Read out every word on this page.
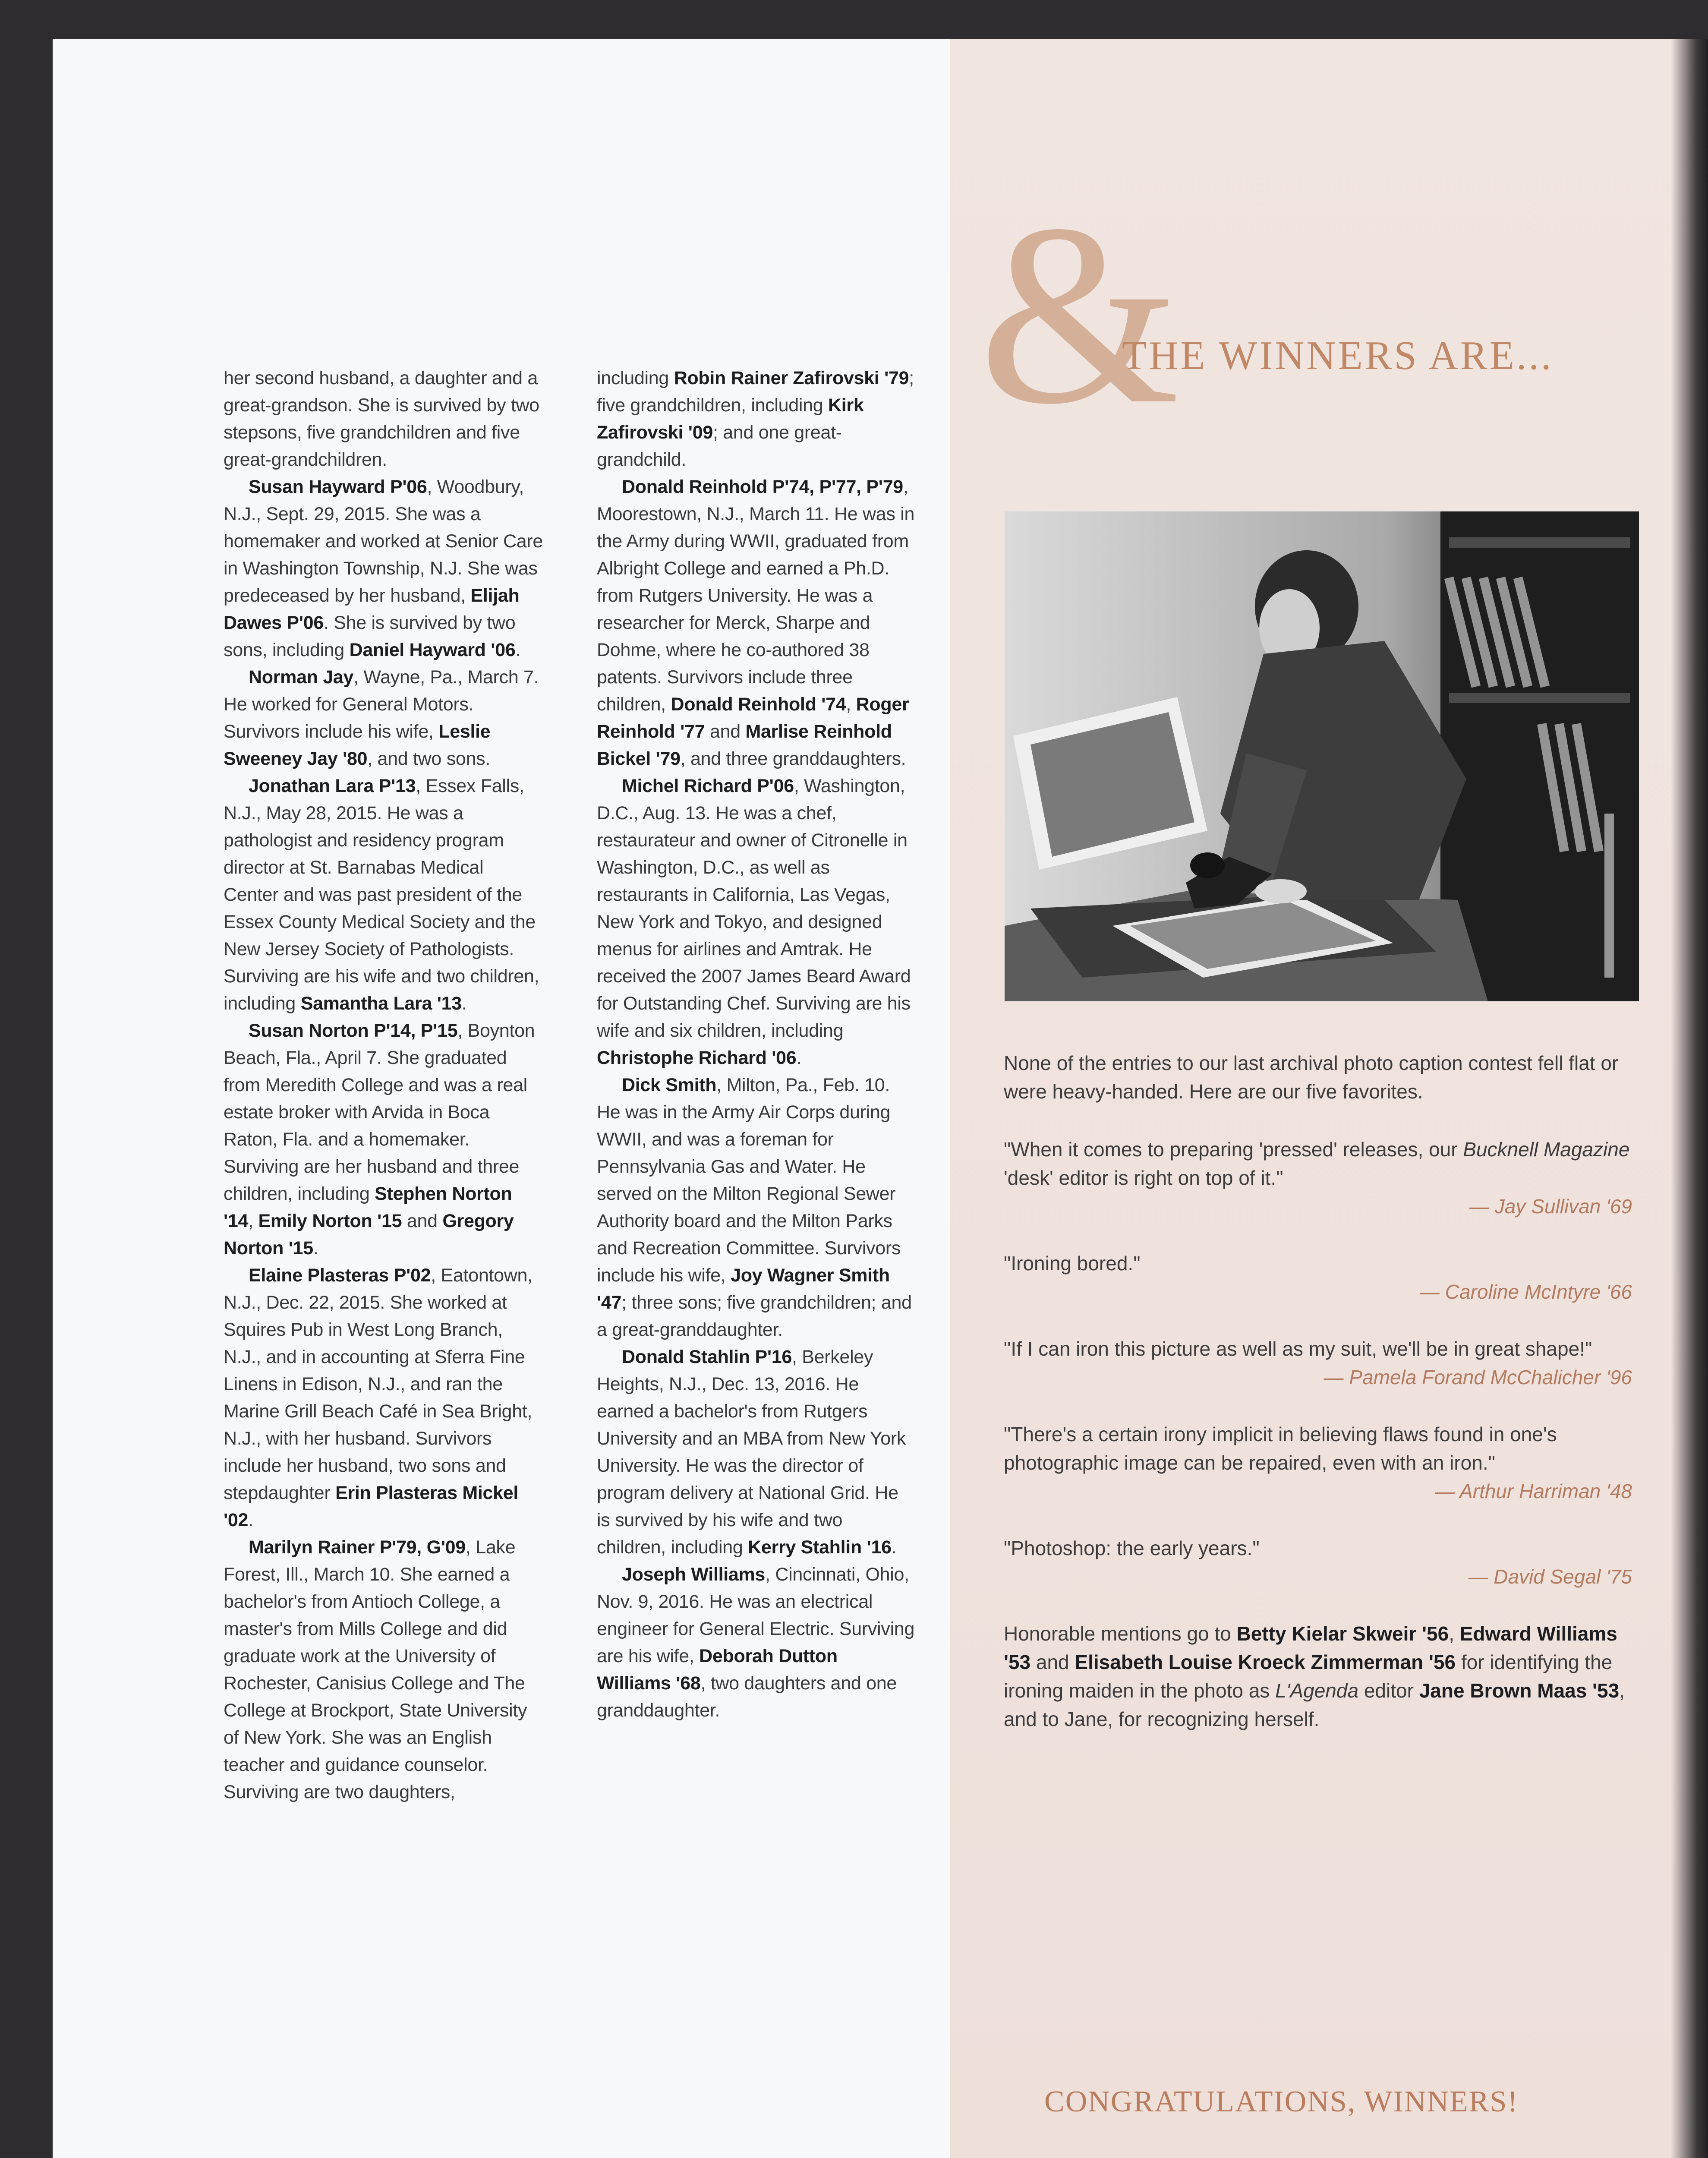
her second husband, a daughter and a great-grandson. She is survived by two stepsons, five grandchildren and five great-grandchildren.

Susan Hayward P'06, Woodbury, N.J., Sept. 29, 2015. She was a homemaker and worked at Senior Care in Washington Township, N.J. She was predeceased by her husband, Elijah Dawes P'06. She is survived by two sons, including Daniel Hayward '06.

Norman Jay, Wayne, Pa., March 7. He worked for General Motors. Survivors include his wife, Leslie Sweeney Jay '80, and two sons.

Jonathan Lara P'13, Essex Falls, N.J., May 28, 2015. He was a pathologist and residency program director at St. Barnabas Medical Center and was past president of the Essex County Medical Society and the New Jersey Society of Pathologists. Surviving are his wife and two children, including Samantha Lara '13.

Susan Norton P'14, P'15, Boynton Beach, Fla., April 7. She graduated from Meredith College and was a real estate broker with Arvida in Boca Raton, Fla. and a homemaker. Surviving are her husband and three children, including Stephen Norton '14, Emily Norton '15 and Gregory Norton '15.

Elaine Plasteras P'02, Eatontown, N.J., Dec. 22, 2015. She worked at Squires Pub in West Long Branch, N.J., and in accounting at Sferra Fine Linens in Edison, N.J., and ran the Marine Grill Beach Café in Sea Bright, N.J., with her husband. Survivors include her husband, two sons and stepdaughter Erin Plasteras Mickel '02.

Marilyn Rainer P'79, G'09, Lake Forest, Ill., March 10. She earned a bachelor's from Antioch College, a master's from Mills College and did graduate work at the University of Rochester, Canisius College and The College at Brockport, State University of New York. She was an English teacher and guidance counselor. Surviving are two daughters,

including Robin Rainer Zafirovski '79; five grandchildren, including Kirk Zafirovski '09; and one great-grandchild.

Donald Reinhold P'74, P'77, P'79, Moorestown, N.J., March 11. He was in the Army during WWII, graduated from Albright College and earned a Ph.D. from Rutgers University. He was a researcher for Merck, Sharpe and Dohme, where he co-authored 38 patents. Survivors include three children, Donald Reinhold '74, Roger Reinhold '77 and Marlise Reinhold Bickel '79, and three granddaughters.

Michel Richard P'06, Washington, D.C., Aug. 13. He was a chef, restaurateur and owner of Citronelle in Washington, D.C., as well as restaurants in California, Las Vegas, New York and Tokyo, and designed menus for airlines and Amtrak. He received the 2007 James Beard Award for Outstanding Chef. Surviving are his wife and six children, including Christophe Richard '06.

Dick Smith, Milton, Pa., Feb. 10. He was in the Army Air Corps during WWII, and was a foreman for Pennsylvania Gas and Water. He served on the Milton Regional Sewer Authority board and the Milton Parks and Recreation Committee. Survivors include his wife, Joy Wagner Smith '47; three sons; five grandchildren; and a great-granddaughter.

Donald Stahlin P'16, Berkeley Heights, N.J., Dec. 13, 2016. He earned a bachelor's from Rutgers University and an MBA from New York University. He was the director of program delivery at National Grid. He is survived by his wife and two children, including Kerry Stahlin '16.

Joseph Williams, Cincinnati, Ohio, Nov. 9, 2016. He was an electrical engineer for General Electric. Surviving are his wife, Deborah Dutton Williams '68, two daughters and one granddaughter.

&
THE WINNERS ARE...

None of the entries to our last archival photo caption contest fell flat or were heavy-handed. Here are our five favorites.

"When it comes to preparing 'pressed' releases, our Bucknell Magazine 'desk' editor is right on top of it."

— Jay Sullivan '69

"Ironing bored."

— Caroline McIntyre '66

"If I can iron this picture as well as my suit, we'll be in great shape!"

— Pamela Forand McChalicher '96

"There's a certain irony implicit in believing flaws found in one's photographic image can be repaired, even with an iron."

— Arthur Harriman '48

"Photoshop: the early years."

— David Segal '75

Honorable mentions go to Betty Kielar Skweir '56, Edward Williams '53 and Elisabeth Louise Kroeck Zimmerman '56 for identifying the ironing maiden in the photo as L'Agenda editor Jane Brown Maas '53, and to Jane, for recognizing herself.

CONGRATULATIONS, WINNERS!
